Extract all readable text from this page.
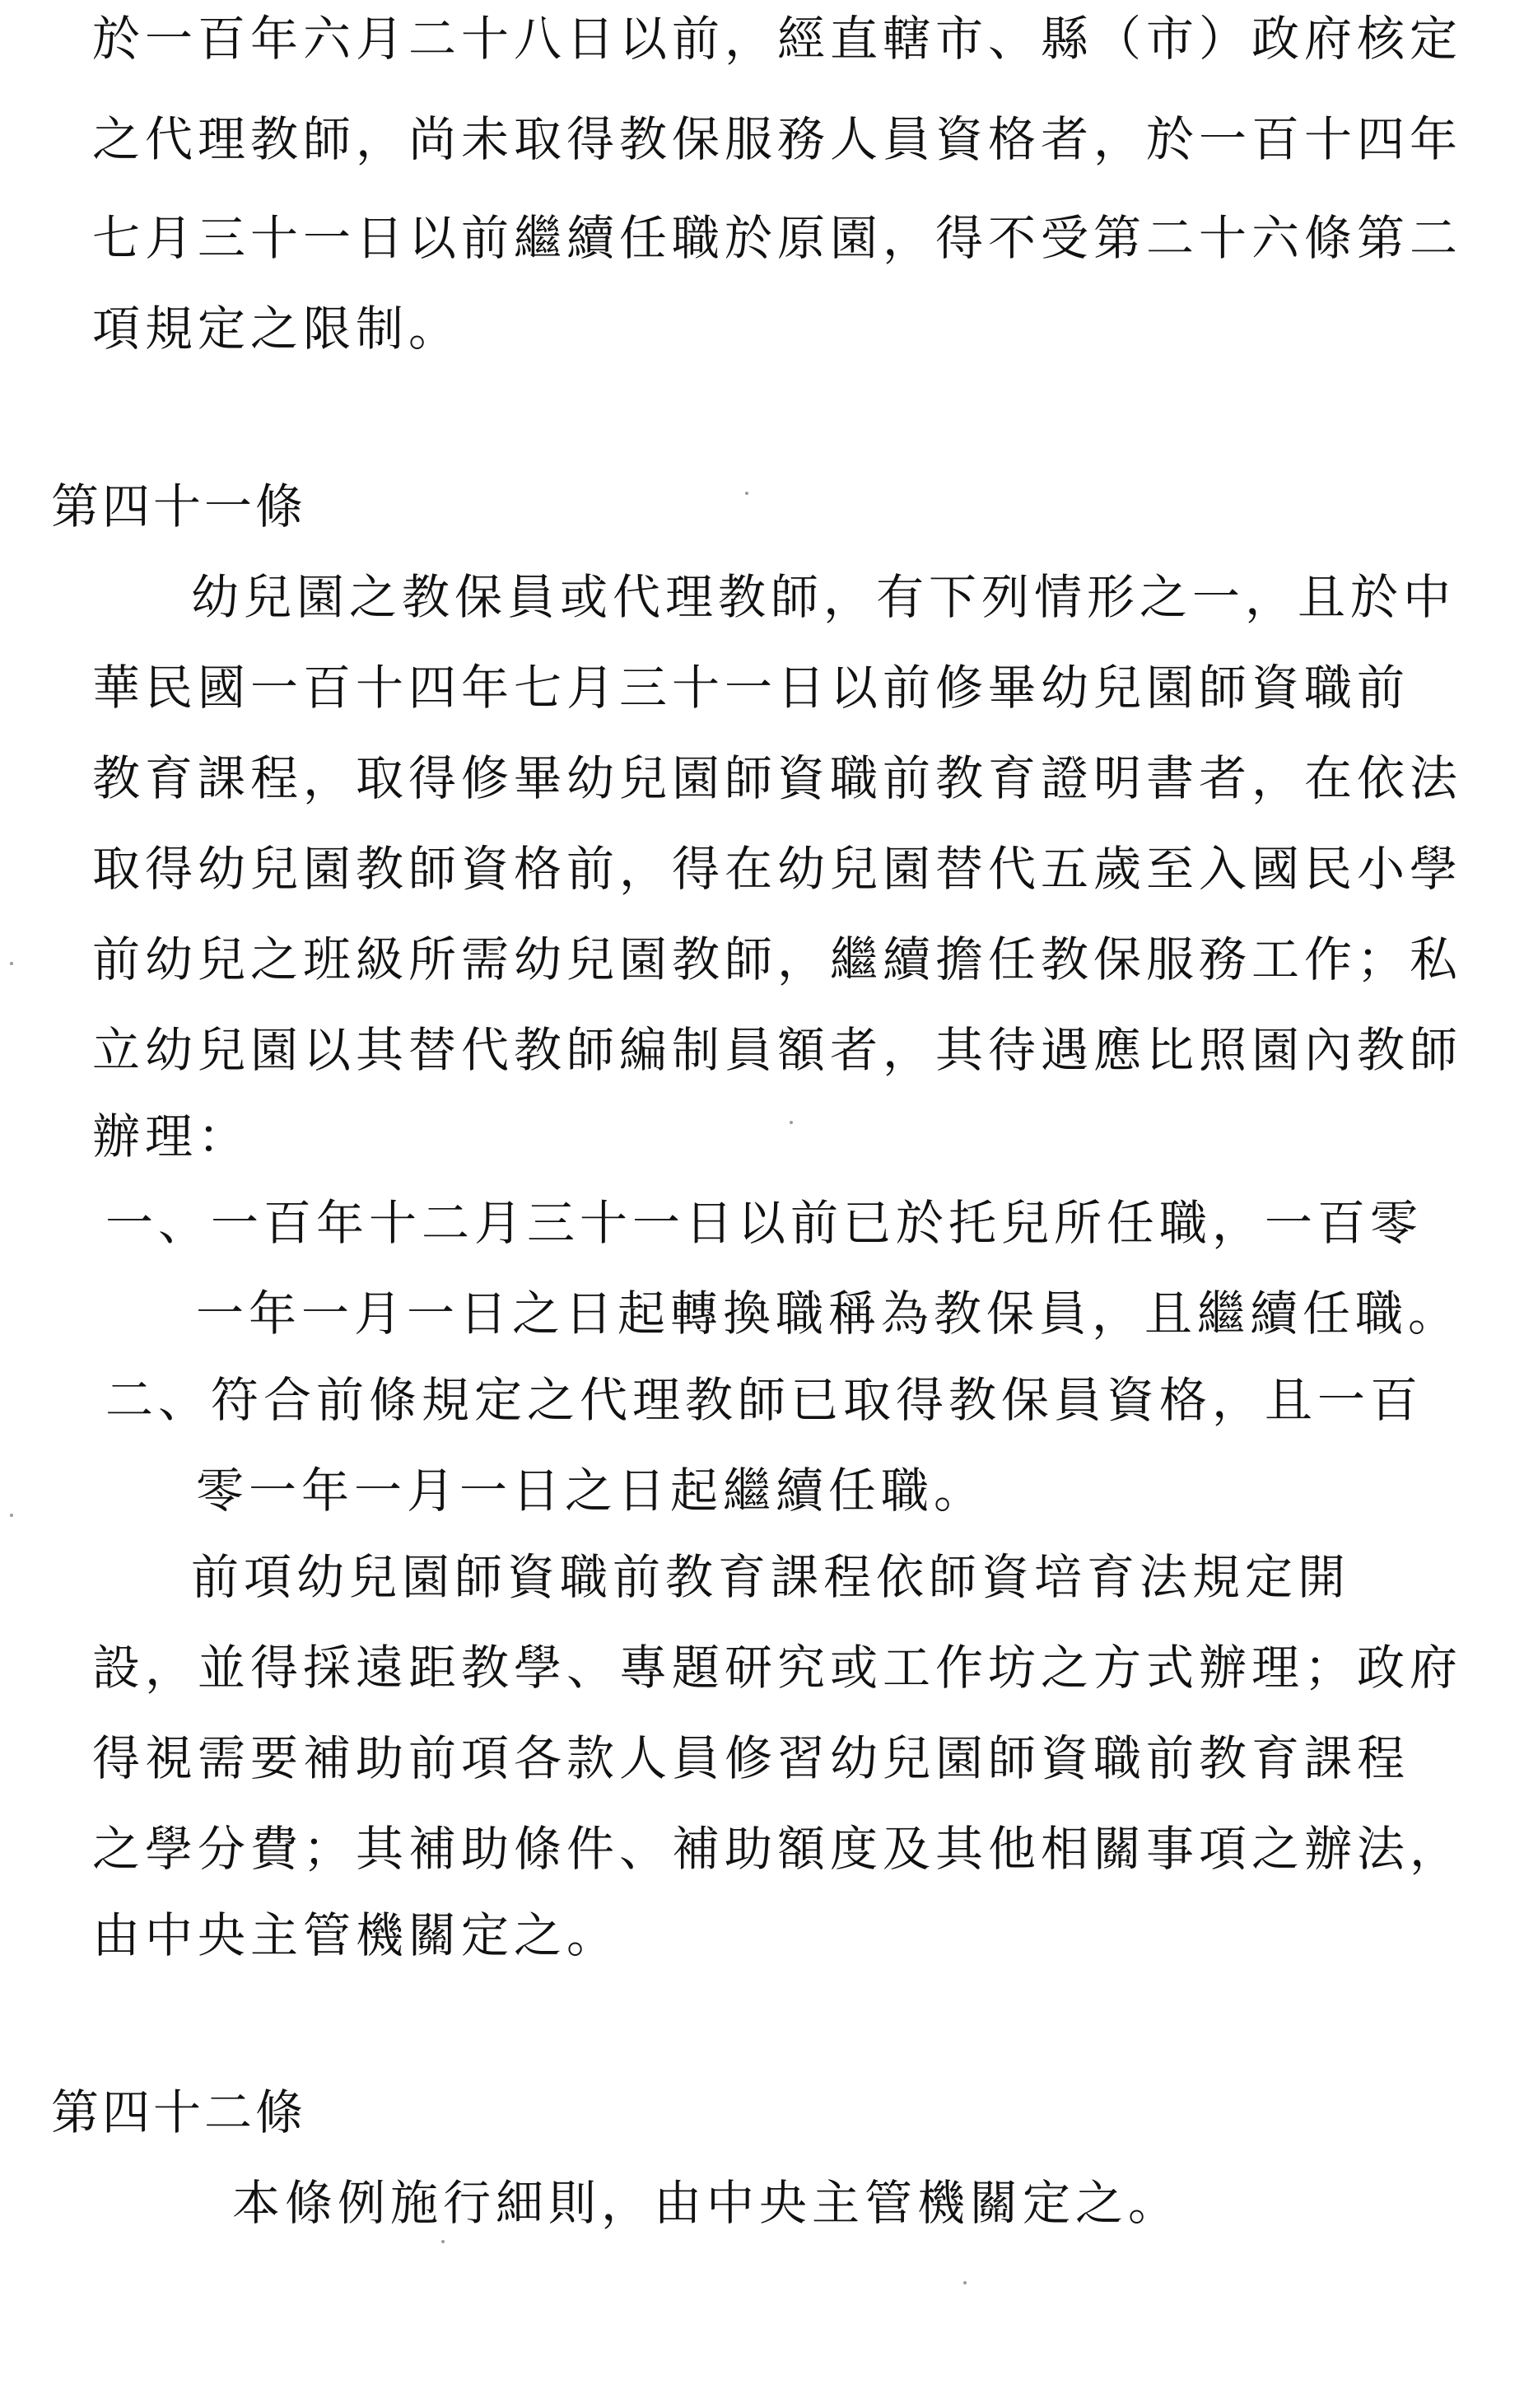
於一百年六月二十八日以前，經直轄市、縣（市）政府核定
之代理教師，尚未取得教保服務人員資格者，於一百十四年
七月三十一日以前繼續任職於原園，得不受第二十六條第二
項規定之限制。
第四十一條
幼兒園之教保員或代理教師，有下列情形之一，且於中
華民國一百十四年七月三十一日以前修畢幼兒園師資職前
教育課程，取得修畢幼兒園師資職前教育證明書者，在依法
取得幼兒園教師資格前，得在幼兒園替代五歲至入國民小學
前幼兒之班級所需幼兒園教師，繼續擔任教保服務工作；私
立幼兒園以其替代教師編制員額者，其待遇應比照園內教師
辦理：
一、一百年十二月三十一日以前已於托兒所任職，一百零
一年一月一日之日起轉換職稱為教保員，且繼續任職。
二、符合前條規定之代理教師已取得教保員資格，且一百
零一年一月一日之日起繼續任職。
前項幼兒園師資職前教育課程依師資培育法規定開
設，並得採遠距教學、專題研究或工作坊之方式辦理；政府
得視需要補助前項各款人員修習幼兒園師資職前教育課程
之學分費；其補助條件、補助額度及其他相關事項之辦法，
由中央主管機關定之。
第四十二條
本條例施行細則，由中央主管機關定之。
